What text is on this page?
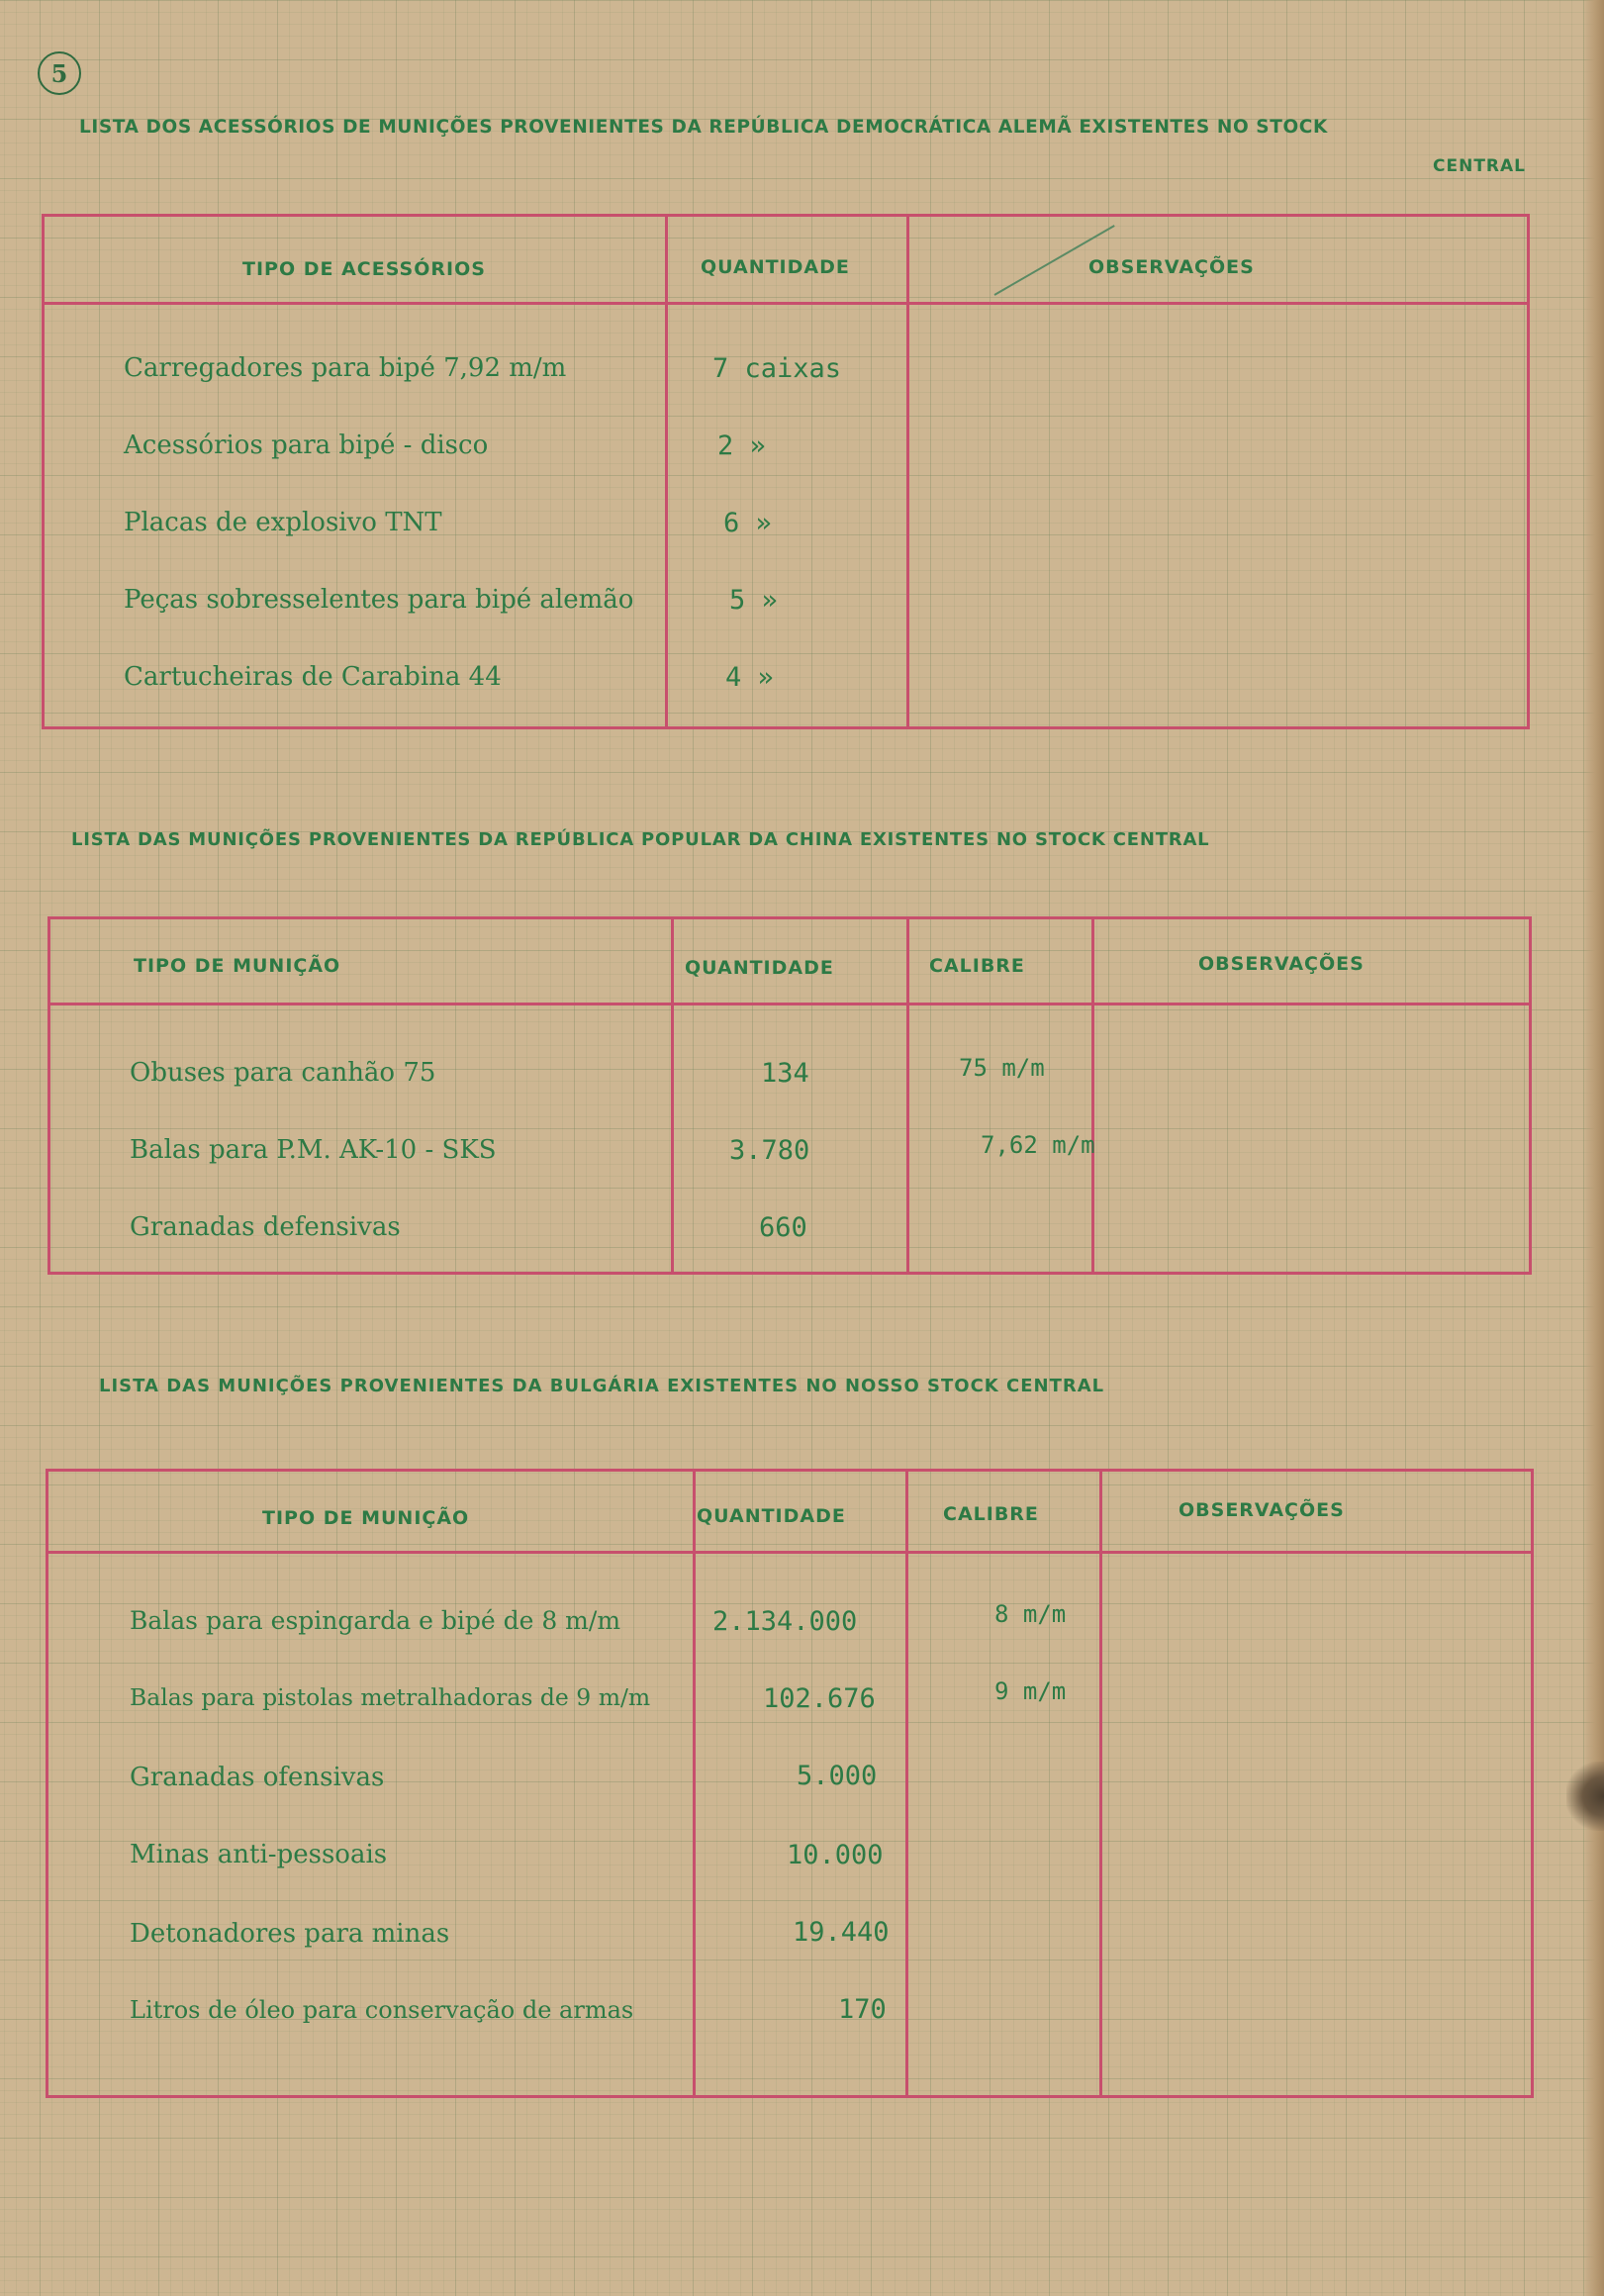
5
LISTA DOS ACESSÓRIOS DE MUNIÇÕES PROVENIENTES DA REPÚBLICA DEMOCRÁTICA ALEMÃ EXISTENTES NO STOCK
CENTRAL
TIPO DE ACESSÓRIOS	QUANTIDADE	OBSERVAÇÕES
Carregadores para bipé 7,92 m/m	7 caixas
Acessórios para bipé - disco	2 »
Placas de explosivo TNT	6 »
Peças sobresselentes para bipé alemão	5 »
Cartucheiras de Carabina 44	4 »
LISTA DAS MUNIÇÕES PROVENIENTES DA REPÚBLICA POPULAR DA CHINA EXISTENTES NO STOCK CENTRAL
TIPO DE MUNIÇÃO	QUANTIDADE	CALIBRE	OBSERVAÇÕES
Obuses para canhão 75	134	75 m/m
Balas para P.M. AK-10 - SKS	3.780	7,62 m/m
Granadas defensivas	660
LISTA DAS MUNIÇÕES PROVENIENTES DA BULGÁRIA EXISTENTES NO NOSSO STOCK CENTRAL
TIPO DE MUNIÇÃO	QUANTIDADE	CALIBRE	OBSERVAÇÕES
Balas para espingarda e bipé de 8 m/m	2.134.000	8 m/m
Balas para pistolas metralhadoras de 9 m/m	102.676	9 m/m
Granadas ofensivas	5.000
Minas anti-pessoais	10.000
Detonadores para minas	19.440
Litros de óleo para conservação de armas	170
